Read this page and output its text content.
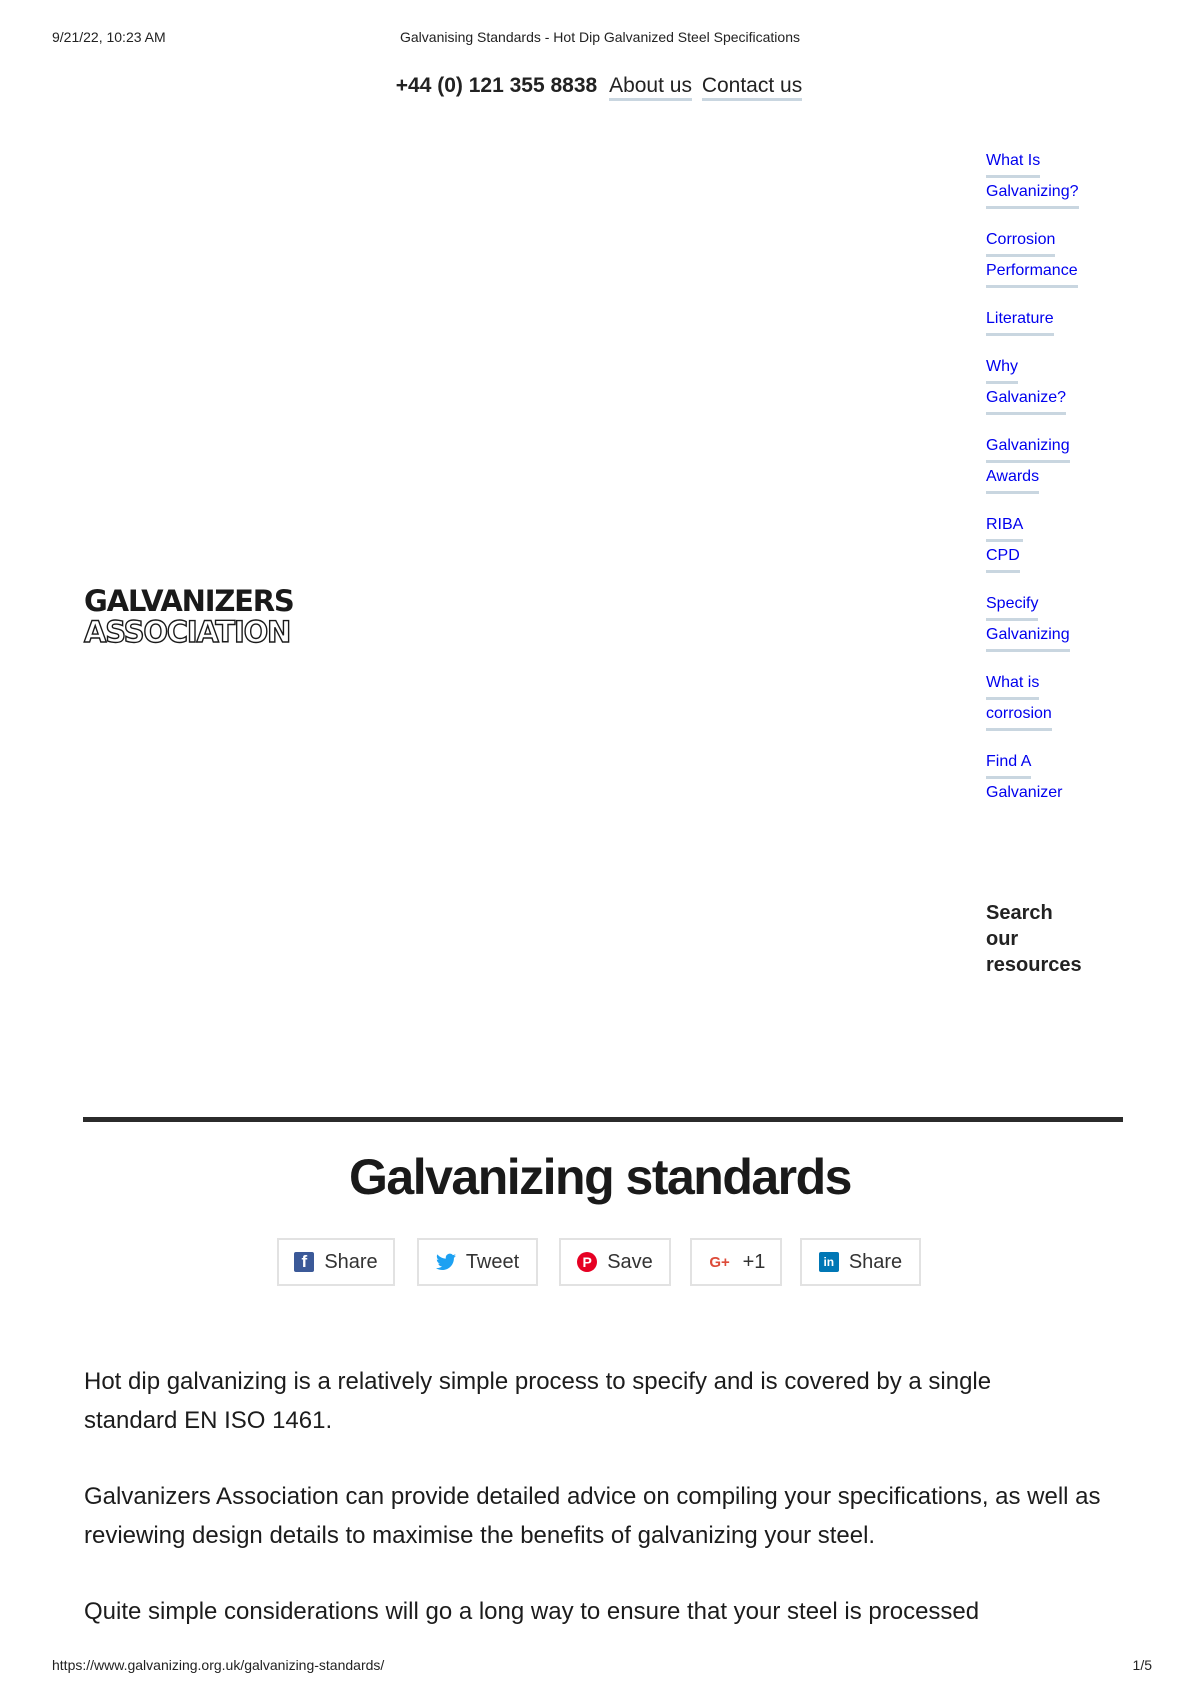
9/21/22, 10:23 AM	Galvanising Standards - Hot Dip Galvanized Steel Specifications
+44 (0) 121 355 8838 About us Contact us
GALVANIZERS
ASSOCIATION
What Is
Galvanizing?
Corrosion
Performance
Literature
Why
Galvanize?
Galvanizing
Awards
RIBA
CPD
Specify
Galvanizing
What is
corrosion
Find A
Galvanizer
Search
our
resources
Galvanizing standards
f Share	Tweet	P Save	G+ +1	in Share

Hot dip galvanizing is a relatively simple process to specify and is covered by a single standard EN ISO 1461.

Galvanizers Association can provide detailed advice on compiling your specifications, as well as reviewing design details to maximise the benefits of galvanizing your steel.

Quite simple considerations will go a long way to ensure that your steel is processed

https://www.galvanizing.org.uk/galvanizing-standards/	1/5
